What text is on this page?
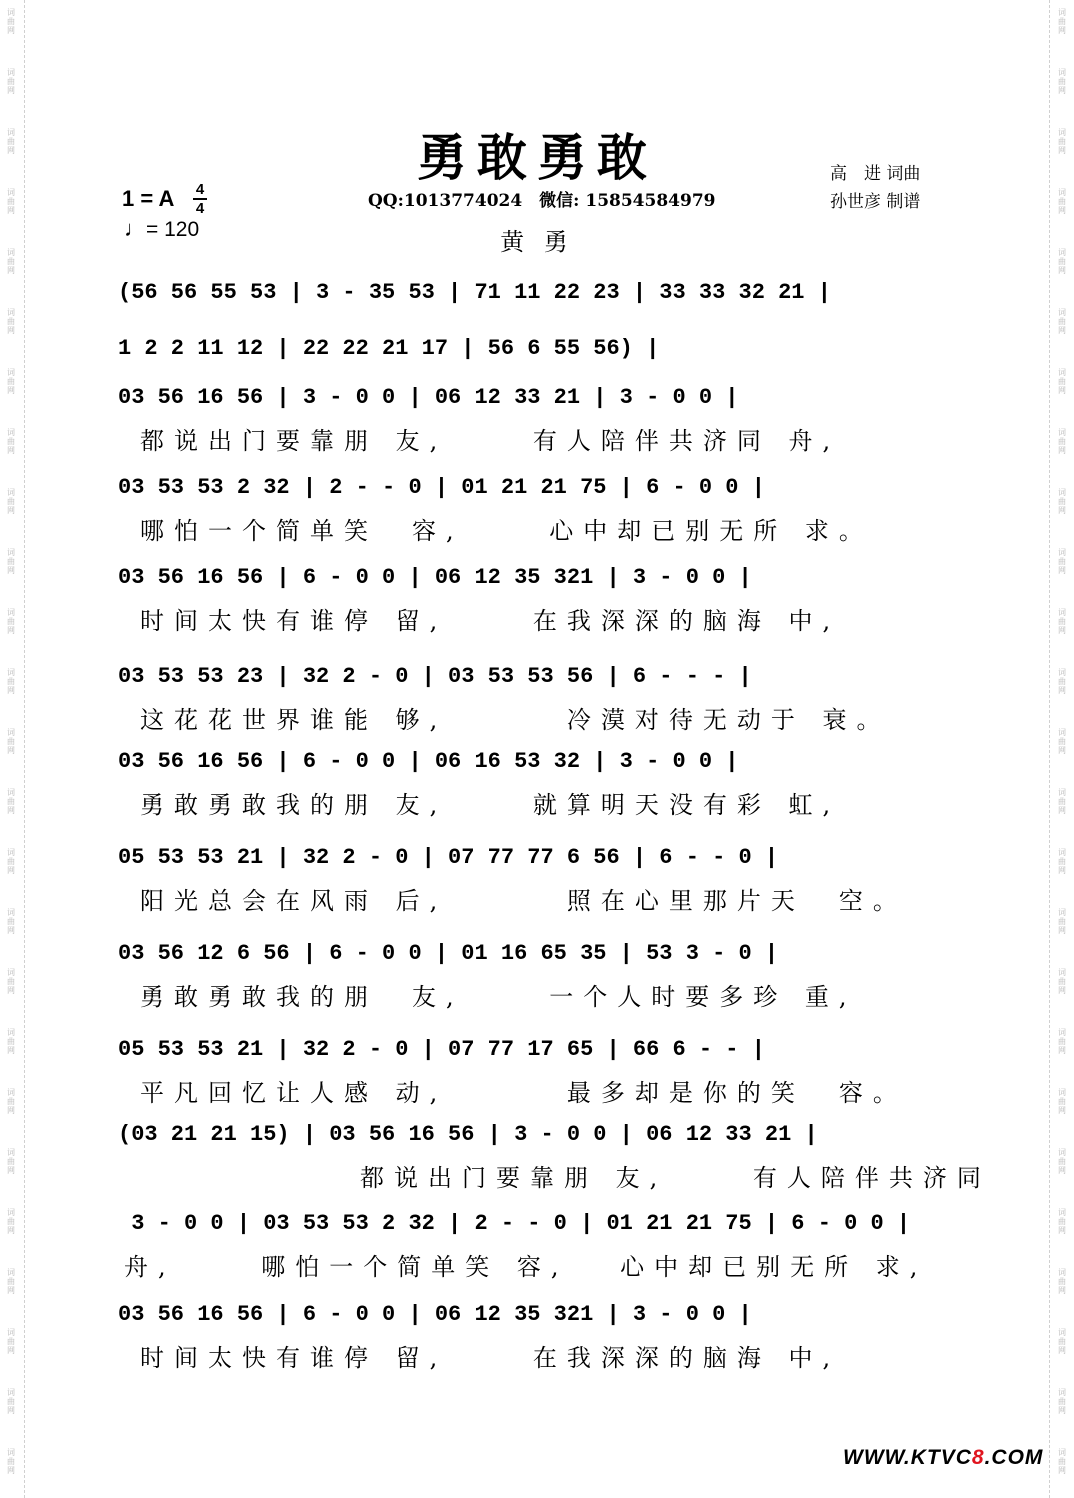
词曲网
词曲网
词曲网
词曲网
词曲网
词曲网
词曲网
词曲网
词曲网
词曲网
词曲网
词曲网
词曲网
词曲网
词曲网
词曲网
词曲网
词曲网
词曲网
词曲网
词曲网
词曲网
词曲网
词曲网
词曲网
词曲网
词曲网
词曲网
词曲网
词曲网
词曲网
词曲网
词曲网
词曲网
词曲网
词曲网
词曲网
词曲网
词曲网
词曲网
词曲网
词曲网
词曲网
词曲网
词曲网
词曲网
词曲网
词曲网
词曲网
词曲网
勇敢勇敢	高　进 词曲
孙世彦 制谱
QQ:1013774024　微信: 15854584979
黄 勇
1 = A 4
4
♩= 120
(56 56 55 53 | 3 - 35 53 | 71 11 22 23 | 33 33 32 21 |
1 2 2 11 12 | 22 22 21 17 | 56 6 55 56) |
03 56 16 56 | 3 - 0 0 | 06 12 33 21 | 3 - 0 0 |
都说出门要靠朋 友,　　 有人陪伴共济同 舟,
03 53 53 2 32 | 2 - - 0 | 01 21 21 75 | 6 - 0 0 |
哪怕一个简单笑　容,　　 心中却已别无所 求。
03 56 16 56 | 6 - 0 0 | 06 12 35 321 | 3 - 0 0 |
时间太快有谁停 留,　　 在我深深的脑海 中,
03 53 53 23 | 32 2 - 0 | 03 53 53 56 | 6 - - - |
这花花世界谁能 够,　　　 冷漠对待无动于 衰。
03 56 16 56 | 6 - 0 0 | 06 16 53 32 | 3 - 0 0 |
勇敢勇敢我的朋 友,　　 就算明天没有彩 虹,
05 53 53 21 | 32 2 - 0 | 07 77 77 6 56 | 6 - - 0 |
阳光总会在风雨 后,　　　 照在心里那片天　空。
03 56 12 6 56 | 6 - 0 0 | 01 16 65 35 | 53 3 - 0 |
勇敢勇敢我的朋　友,　　 一个人时要多珍 重,
05 53 53 21 | 32 2 - 0 | 07 77 17 65 | 66 6 - - |
平凡回忆让人感 动,　　　 最多却是你的笑　容。
(03 21 21 15) | 03 56 16 56 | 3 - 0 0 | 06 12 33 21 |
都说出门要靠朋 友,　　 有人陪伴共济同
3 - 0 0 | 03 53 53 2 32 | 2 - - 0 | 01 21 21 75 | 6 - 0 0 |
舟,　　 哪怕一个简单笑 容,　 心中却已别无所 求,
03 56 16 56 | 6 - 0 0 | 06 12 35 321 | 3 - 0 0 |
时间太快有谁停 留,　　 在我深深的脑海 中,
WWW.KTVC8.COM
